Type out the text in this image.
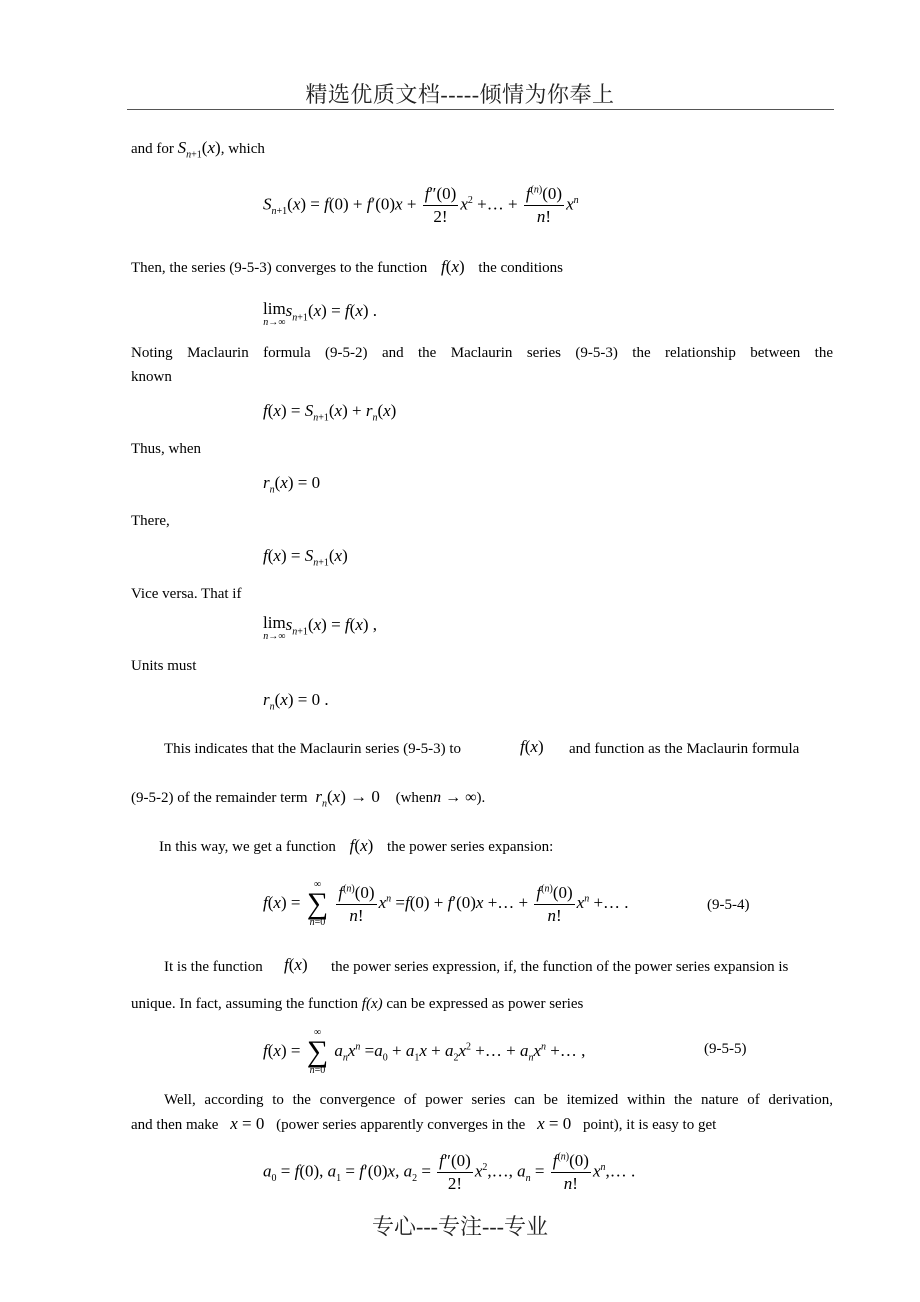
精选优质文档-----倾情为你奉上
专心---专注---专业
and for $S_{n+1}(x)$, which
$S_{n+1}(x) = f(0) + f'(0)x + \frac{f''(0)}{2!} x^2$ +… + $\frac{f^{(n)}(0)}{n!} x^n$
Then, the series (9-5-3) converges to the function f(x) the conditions
lim
n→∞
$s_{n+1}(x) = f(x)$ .
Noting Maclaurin formula (9-5-2) and the Maclaurin series (9-5-3) the relationship between the
known
$f(x) = S_{n+1}(x) + r_n(x)$
Thus, when
$r_n(x) = 0$
There,
$f(x) = S_{n+1}(x)$
Vice versa. That if
lim
n→∞
$s_{n+1}(x) = f(x)$ ,
Units must
$r_n(x) = 0$ .
This indicates that the Maclaurin series (9-5-3) to	f(x) and function as the Maclaurin formula
(9-5-2) of the remainder term $r_n(x) \to 0$ (whenn → ∞).
In this way, we get a function f(x) the power series expansion:
f(x) =
∞
∑
n=0
$\frac{f^{(n)}(0)}{n!} x^n =f(0) + f'(0)x$ +… + $\frac{f^{(n)}(0)}{n!} x^n$ +… .	(9-5-4)
It is the function f(x) the power series expression, if, the function of the power series expansion is
unique. In fact, assuming the function f(x) can be expressed as power series
f(x) =
∞
∑
n=0
$a_nx^n =a_0 + a_1x + a_2x^2$ +… + $a_nx^n$ +… ,	(9-5-5)
Well, according to the convergence of power series can be itemized within the nature of derivation,
and then make x = 0 (power series apparently converges in the x = 0 point), it is easy to get
$a_0 = f(0)$, $a_1 = f'(0)x$, $a_2 = \frac{f''(0)}{2!}$ $x^2,\dots$, $a_n = \frac{f^{(n)}(0)}{n!}$ $x^n,\dots$ .
